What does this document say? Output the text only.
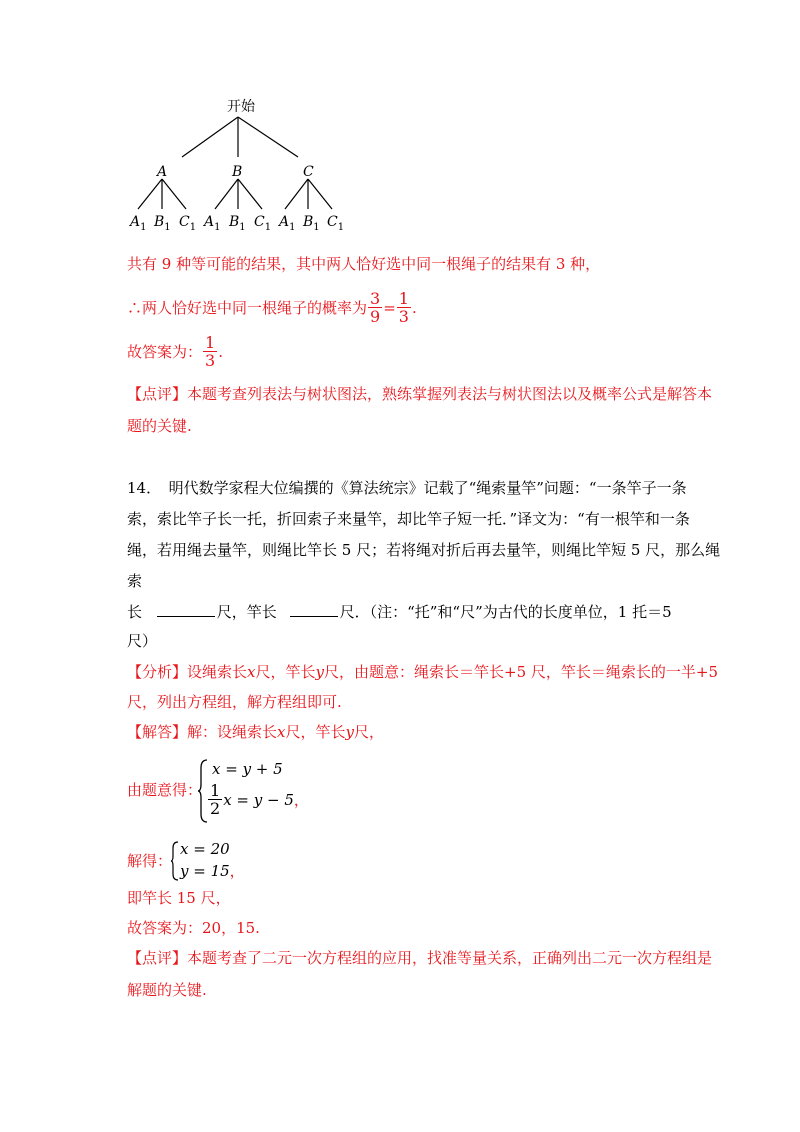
开始
A	B	C
$A_1$ $B_1$ $C_1$ $A_1$ $B_1$ $C_1$ $A_1$ $B_1$ $C_1$
共有 9 种等可能的结果，其中两人恰好选中同一根绳子的结果有 3 种，
∴两人恰好选中同一根绳子的概率为 $\frac{3}{9} = \frac{1}{3}$ .
故答案为： $\frac{1}{3}$ .
【点评】本题考查列表法与树状图法，熟练掌握列表法与树状图法以及概率公式是解答本
题的关键.
14．　明代数学家程大位编撰的《算法统宗》记载了“绳索量竿”问题：“一条竿子一条
索，索比竿子长一托，折回索子来量竿，却比竿子短一托．”译文为：“有一根竿和一条
绳，若用绳去量竿，则绳比竿长 5 尺；若将绳对折后再去量竿，则绳比竿短 5 尺，那么绳
索
长	尺，竿长	尺．（注：“托”和“尺”为古代的长度单位，1 托＝5
尺）
【分析】设绳索长x尺，竿长y尺，由题意：绳索长＝竿长+5 尺，竿长＝绳索长的一半+5
尺，列出方程组，解方程组即可.
【解答】解：设绳索长x尺，竿长y尺，
由题意得：
x = y + 5
$\frac{1}{2}$ x = y − 5 ，
解得：
x = 20
y = 15，
即竿长 15 尺，
故答案为：20，15.
【点评】本题考查了二元一次方程组的应用，找准等量关系，正确列出二元一次方程组是
解题的关键.
